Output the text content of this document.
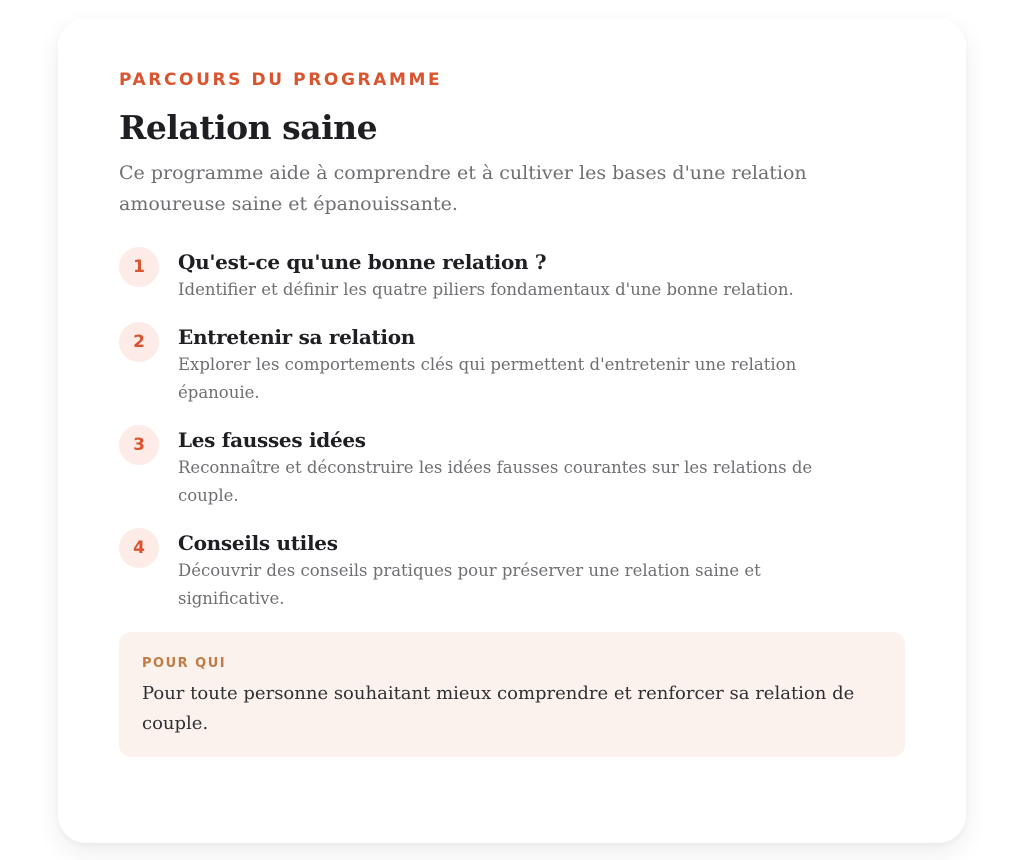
PARCOURS DU PROGRAMME

Relation saine

Ce programme aide à comprendre et à cultiver les bases d'une relation amoureuse saine et épanouissante.

1	Qu'est-ce qu'une bonne relation ?

Identifier et définir les quatre piliers fondamentaux d'une bonne relation.

2	Entretenir sa relation

Explorer les comportements clés qui permettent d'entretenir une relation épanouie.

3	Les fausses idées

Reconnaître et déconstruire les idées fausses courantes sur les relations de couple.

4	Conseils utiles

Découvrir des conseils pratiques pour préserver une relation saine et significative.

POUR QUI

Pour toute personne souhaitant mieux comprendre et renforcer sa relation de couple.
